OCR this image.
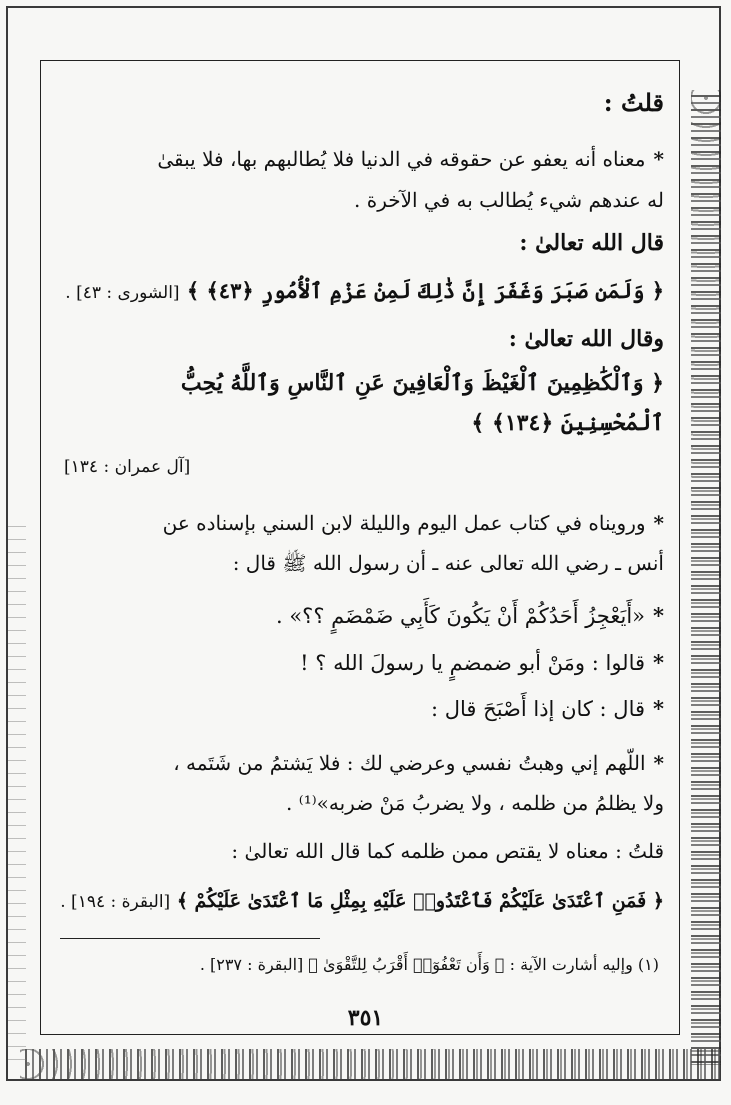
قلتُ :
*معناه أنه يعفو عن حقوقه في الدنيا فلا يُطالبهم بها، فلا يبقىٰ
له عندهم شيء يُطالب به في الآخرة .
قال الله تعالىٰ :
﴿ وَلَمَن صَبَرَ وَغَفَرَ إِنَّ ذَٰلِكَ لَمِنْ عَزْمِ ٱلْأُمُورِ ﴿٤٣﴾ ﴾ [الشورى : ٤٣] .
وقال الله تعالىٰ :
﴿ وَٱلْكَٰظِمِينَ ٱلْغَيْظَ وَٱلْعَافِينَ عَنِ ٱلنَّاسِ وَٱللَّهُ يُحِبُّ
ٱلْمُحْسِنِينَ ﴿١٣٤﴾ ﴾
[آل عمران : ١٣٤]
*ورويناه في كتاب عمل اليوم والليلة لابن السني بإسناده عن
أنس ـ رضي الله تعالى عنه ـ أن رسول الله ﷺ قال :
*«أَيَعْجِزُ أَحَدُكُمْ أَنْ يَكُونَ كَأَبِي ضَمْضَمٍ ؟؟» .
*قالوا : ومَنْ أبو ضمضمٍ يا رسولَ الله ؟ !
*قال : كان إذا أَصْبَحَ قال :
*اللّهم إني وهبتُ نفسي وعرضي لك : فلا يَشتمُ من شَتَمه ،
ولا يظلمُ من ظلمه ، ولا يضربُ مَنْ ضربه»⁽¹⁾ .
قلتُ : معناه لا يقتص ممن ظلمه كما قال الله تعالىٰ :
﴿ فَمَنِ ٱعْتَدَىٰ عَلَيْكُمْ فَٱعْتَدُوا۟ عَلَيْهِ بِمِثْلِ مَا ٱعْتَدَىٰ عَلَيْكُمْ ﴾ [البقرة : ١٩٤] .
(١) وإليه أشارت الآية : ﴿ وَأَن تَعْفُوٓا۟ أَقْرَبُ لِلتَّقْوَىٰ ﴾ [البقرة : ٢٣٧] .
٣٥١
